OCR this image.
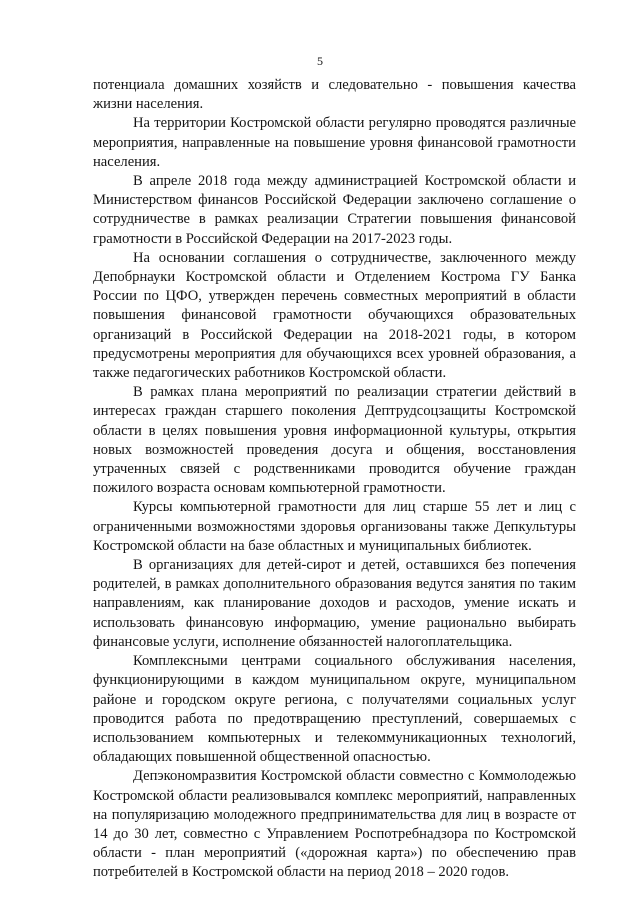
5

потенциала домашних хозяйств и следовательно - повышения качества жизни населения.

На территории Костромской области регулярно проводятся различные мероприятия, направленные на повышение уровня финансовой грамотности населения.

В апреле 2018 года между администрацией Костромской области и Министерством финансов Российской Федерации заключено соглашение о сотрудничестве в рамках реализации Стратегии повышения финансовой грамотности в Российской Федерации на 2017-2023 годы.

На основании соглашения о сотрудничестве, заключенного между Депобрнауки Костромской области и Отделением Кострома ГУ Банка России по ЦФО, утвержден перечень совместных мероприятий в области повышения финансовой грамотности обучающихся образовательных организаций в Российской Федерации на 2018-2021 годы, в котором предусмотрены мероприятия для обучающихся всех уровней образования, а также педагогических работников Костромской области.

В рамках плана мероприятий по реализации стратегии действий в интересах граждан старшего поколения Дептрудсоцзащиты Костромской области в целях повышения уровня информационной культуры, открытия новых возможностей проведения досуга и общения, восстановления утраченных связей с родственниками проводится обучение граждан пожилого возраста основам компьютерной грамотности.

Курсы компьютерной грамотности для лиц старше 55 лет и лиц с ограниченными возможностями здоровья организованы также Депкультуры Костромской области на базе областных и муниципальных библиотек.

В организациях для детей-сирот и детей, оставшихся без попечения родителей, в рамках дополнительного образования ведутся занятия по таким направлениям, как планирование доходов и расходов, умение искать и использовать финансовую информацию, умение рационально выбирать финансовые услуги, исполнение обязанностей налогоплательщика.

Комплексными центрами социального обслуживания населения, функционирующими в каждом муниципальном округе, муниципальном районе и городском округе региона, с получателями социальных услуг проводится работа по предотвращению преступлений, совершаемых с использованием компьютерных и телекоммуникационных технологий, обладающих повышенной общественной опасностью.

Депэкономразвития Костромской области совместно с Коммолодежью Костромской области реализовывался комплекс мероприятий, направленных на популяризацию молодежного предпринимательства для лиц в возрасте от 14 до 30 лет, совместно с Управлением Роспотребнадзора по Костромской области - план мероприятий («дорожная карта») по обеспечению прав потребителей в Костромской области на период 2018 – 2020 годов.
